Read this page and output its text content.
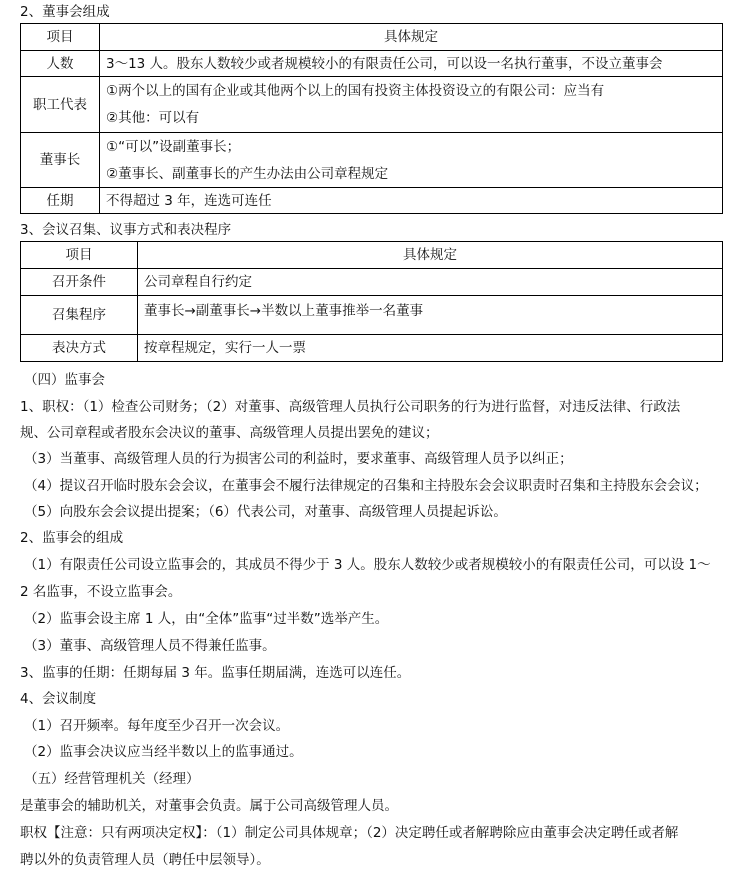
2、董事会组成
项目	具体规定
人数	3～13 人。股东人数较少或者规模较小的有限责任公司，可以设一名执行董事，不设立董事会
职工代表	①两个以上的国有企业或其他两个以上的国有投资主体投资设立的有限公司：应当有
②其他：可以有

董事长	①“可以”设副董事长；
②董事长、副董事长的产生办法由公司章程规定

任期	不得超过 3 年，连选可连任
3、会议召集、议事方式和表决程序
项目	具体规定
召开条件	公司章程自行约定
召集程序	董事长→副董事长→半数以上董事推举一名董事
表决方式	按章程规定，实行一人一票
（四）监事会
1、职权：（1）检查公司财务；（2）对董事、高级管理人员执行公司职务的行为进行监督，对违反法律、行政法
规、公司章程或者股东会决议的董事、高级管理人员提出罢免的建议；
（3）当董事、高级管理人员的行为损害公司的利益时，要求董事、高级管理人员予以纠正；
（4）提议召开临时股东会会议，在董事会不履行法律规定的召集和主持股东会会议职责时召集和主持股东会会议；
（5）向股东会会议提出提案；（6）代表公司，对董事、高级管理人员提起诉讼。
2、监事会的组成
（1）有限责任公司设立监事会的，其成员不得少于 3 人。股东人数较少或者规模较小的有限责任公司，可以设 1～
2 名监事，不设立监事会。
（2）监事会设主席 1 人，由“全体”监事“过半数”选举产生。
（3）董事、高级管理人员不得兼任监事。
3、监事的任期：任期每届 3 年。监事任期届满，连选可以连任。
4、会议制度
（1）召开频率。每年度至少召开一次会议。
（2）监事会决议应当经半数以上的监事通过。
（五）经营管理机关（经理）
是董事会的辅助机关，对董事会负责。属于公司高级管理人员。
职权【注意：只有两项决定权】：（1）制定公司具体规章；（2）决定聘任或者解聘除应由董事会决定聘任或者解
聘以外的负责管理人员（聘任中层领导）。
